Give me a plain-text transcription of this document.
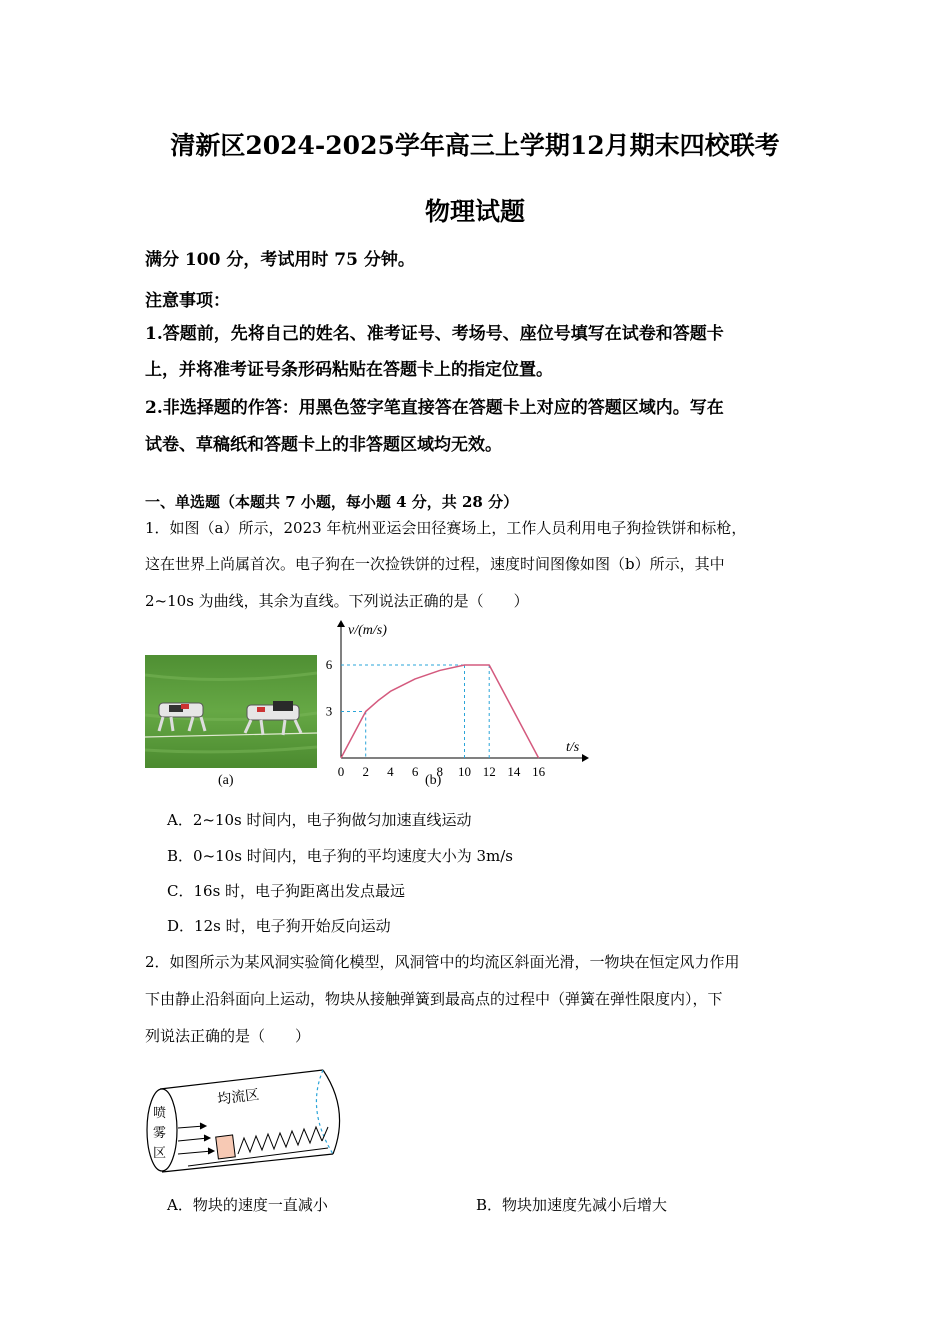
清新区2024-2025学年高三上学期12月期末四校联考
物理试题
满分 100 分，考试用时 75 分钟。
注意事项：
1.答题前，先将自己的姓名、准考证号、考场号、座位号填写在试卷和答题卡
上，并将准考证号条形码粘贴在答题卡上的指定位置。
2.非选择题的作答：用黑色签字笔直接答在答题卡上对应的答题区域内。写在
试卷、草稿纸和答题卡上的非答题区域均无效。
一、单选题（本题共 7 小题，每小题 4 分，共 28 分）
1．如图（a）所示，2023 年杭州亚运会田径赛场上，工作人员利用电子狗捡铁饼和标枪，
这在世界上尚属首次。电子狗在一次捡铁饼的过程，速度时间图像如图（b）所示，其中
2~10s 为曲线，其余为直线。下列说法正确的是（　　）
(a)
0 2 4 6 8 10 12 14 16
3
6
v/(m/s)
t/s
(b)
A．2~10s 时间内，电子狗做匀加速直线运动
B．0~10s 时间内，电子狗的平均速度大小为 3m/s
C．16s 时，电子狗距离出发点最远
D．12s 时，电子狗开始反向运动
2．如图所示为某风洞实验简化模型，风洞管中的均流区斜面光滑，一物块在恒定风力作用
下由静止沿斜面向上运动，物块从接触弹簧到最高点的过程中（弹簧在弹性限度内），下
列说法正确的是（　　）
均流区
喷
雾
区
A．物块的速度一直减小	B．物块加速度先减小后增大
